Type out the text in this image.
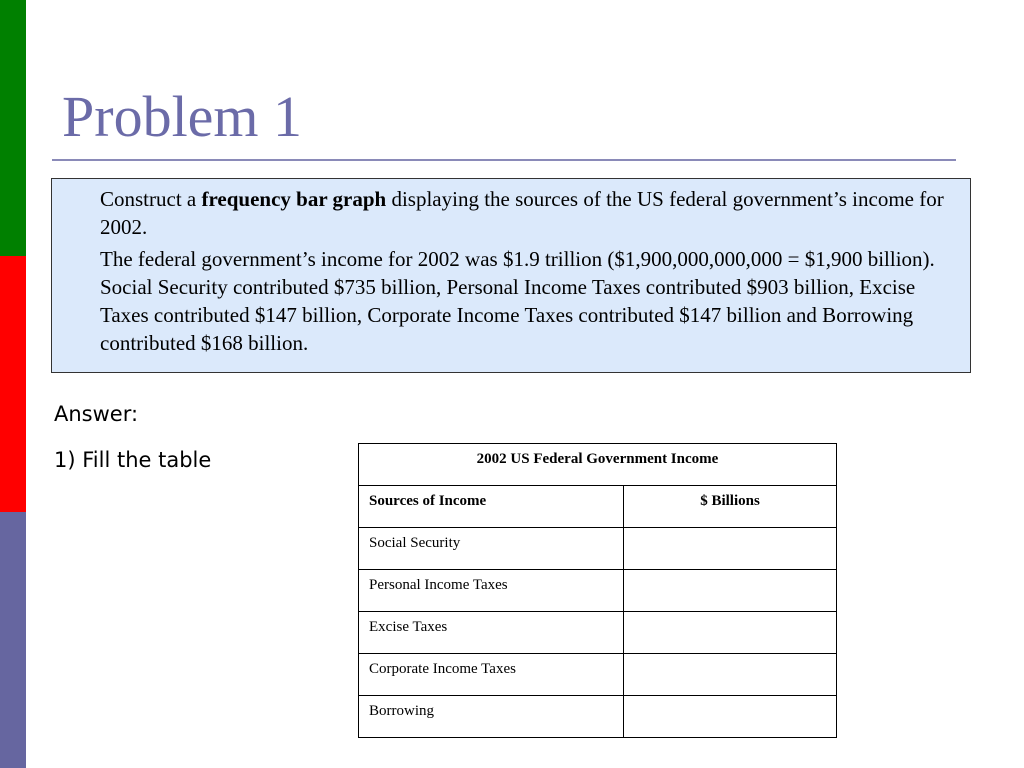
Problem 1

Construct a frequency bar graph displaying the sources of the US federal government’s income for 2002.

The federal government’s income for 2002 was $1.9 trillion ($1,900,000,000,000 = $1,900 billion). Social Security contributed $735 billion, Personal Income Taxes contributed $903 billion, Excise Taxes contributed $147 billion, Corporate Income Taxes contributed $147 billion and Borrowing contributed $168 billion.

Answer:
1) Fill the table	2002 US Federal Government Income	
Sources of Income	$ Billions
Social Security	
Personal Income Taxes	
Excise Taxes	
Corporate Income Taxes	
Borrowing	
